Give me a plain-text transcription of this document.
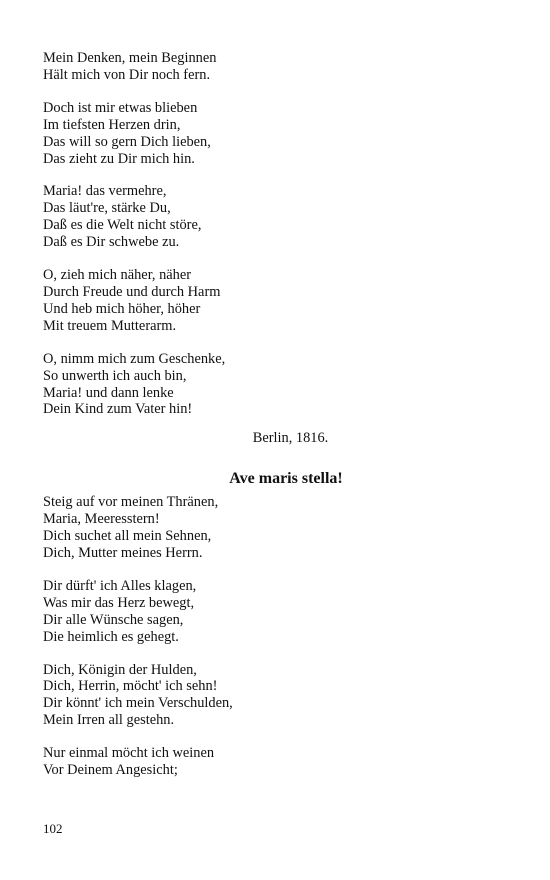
Mein Denken, mein Beginnen
Hält mich von Dir noch fern.
Doch ist mir etwas blieben
Im tiefsten Herzen drin,
Das will so gern Dich lieben,
Das zieht zu Dir mich hin.
Maria! das vermehre,
Das läut're, stärke Du,
Daß es die Welt nicht störe,
Daß es Dir schwebe zu.
O, zieh mich näher, näher
Durch Freude und durch Harm
Und heb mich höher, höher
Mit treuem Mutterarm.
O, nimm mich zum Geschenke,
So unwerth ich auch bin,
Maria! und dann lenke
Dein Kind zum Vater hin!
Berlin, 1816.
Ave maris stella!
Steig auf vor meinen Thränen,
Maria, Meeresstern!
Dich suchet all mein Sehnen,
Dich, Mutter meines Herrn.
Dir dürft' ich Alles klagen,
Was mir das Herz bewegt,
Dir alle Wünsche sagen,
Die heimlich es gehegt.
Dich, Königin der Hulden,
Dich, Herrin, möcht' ich sehn!
Dir könnt' ich mein Verschulden,
Mein Irren all gestehn.
Nur einmal möcht ich weinen
Vor Deinem Angesicht;
102
